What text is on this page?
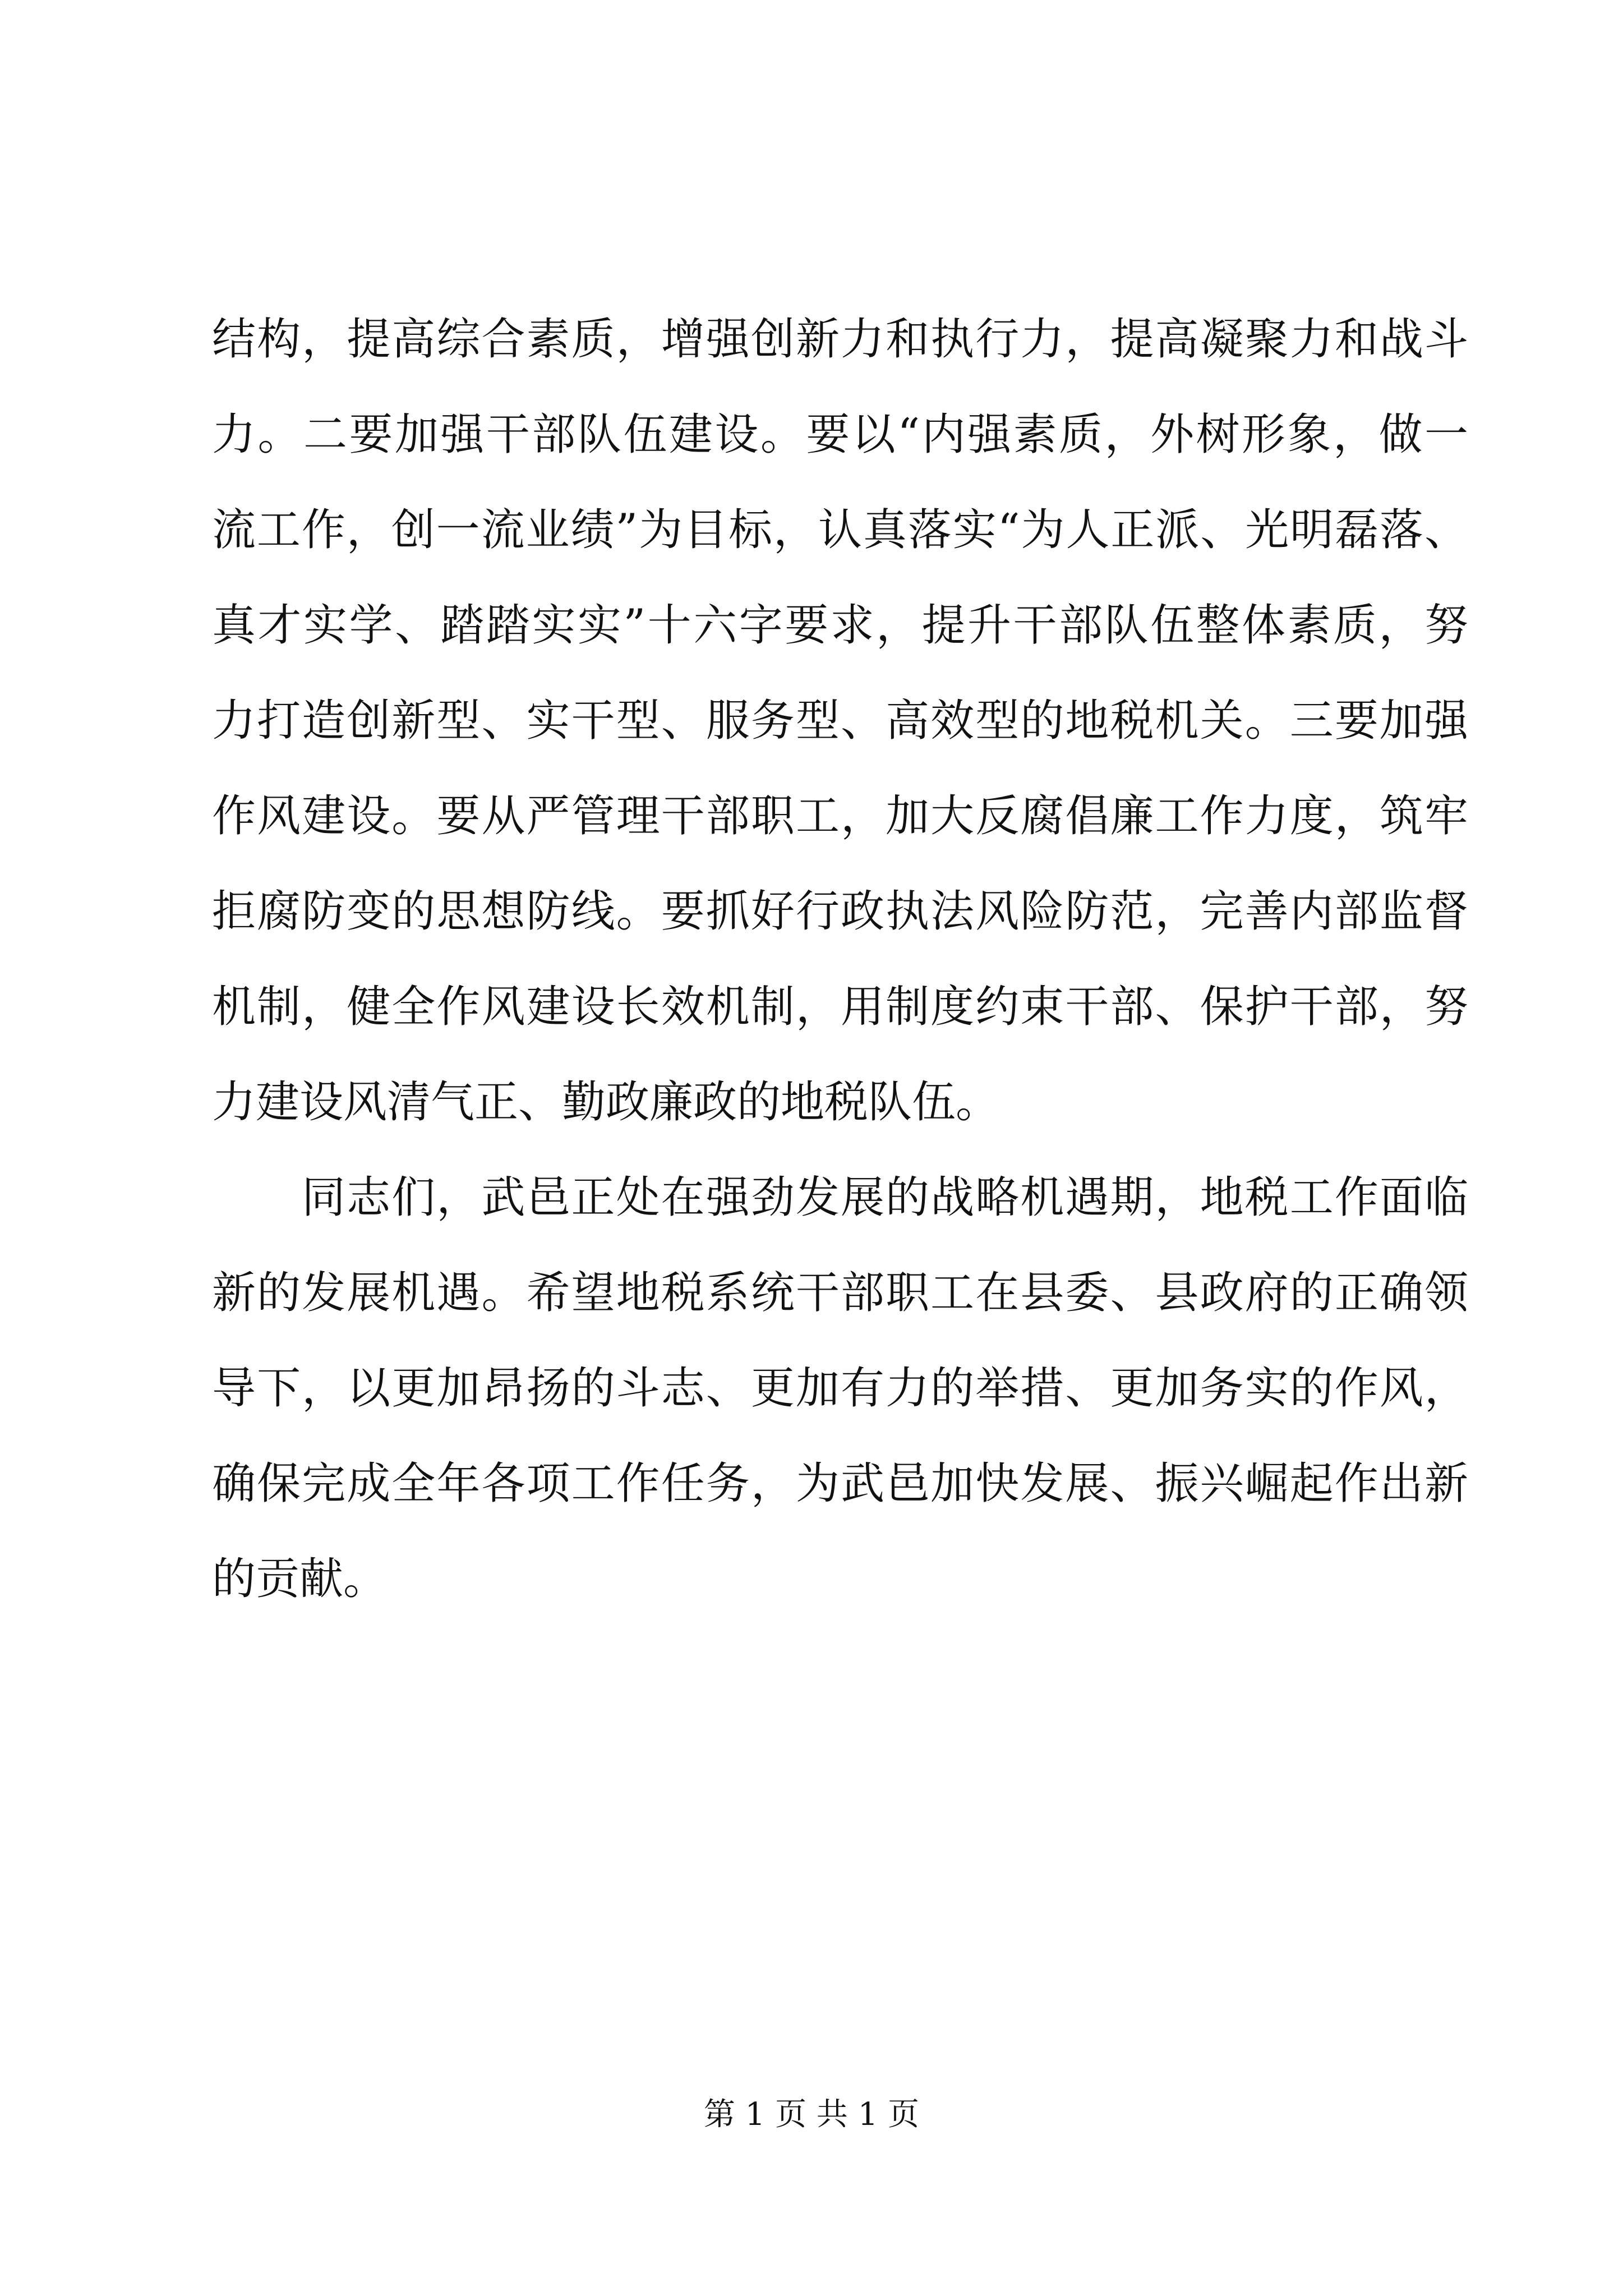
结构，提高综合素质，增强创新力和执行力，提高凝聚力和战斗
力。二要加强干部队伍建设。要以“内强素质，外树形象，做一
流工作，创一流业绩”为目标，认真落实“为人正派、光明磊落、
真才实学、踏踏实实”十六字要求，提升干部队伍整体素质，努
力打造创新型、实干型、服务型、高效型的地税机关。三要加强
作风建设。要从严管理干部职工，加大反腐倡廉工作力度，筑牢
拒腐防变的思想防线。要抓好行政执法风险防范，完善内部监督
机制，健全作风建设长效机制，用制度约束干部、保护干部，努
力建设风清气正、勤政廉政的地税队伍。
同志们，武邑正处在强劲发展的战略机遇期，地税工作面临
新的发展机遇。希望地税系统干部职工在县委、县政府的正确领
导下，以更加昂扬的斗志、更加有力的举措、更加务实的作风，
确保完成全年各项工作任务，为武邑加快发展、振兴崛起作出新
的贡献。
第 1 页 共 1 页
